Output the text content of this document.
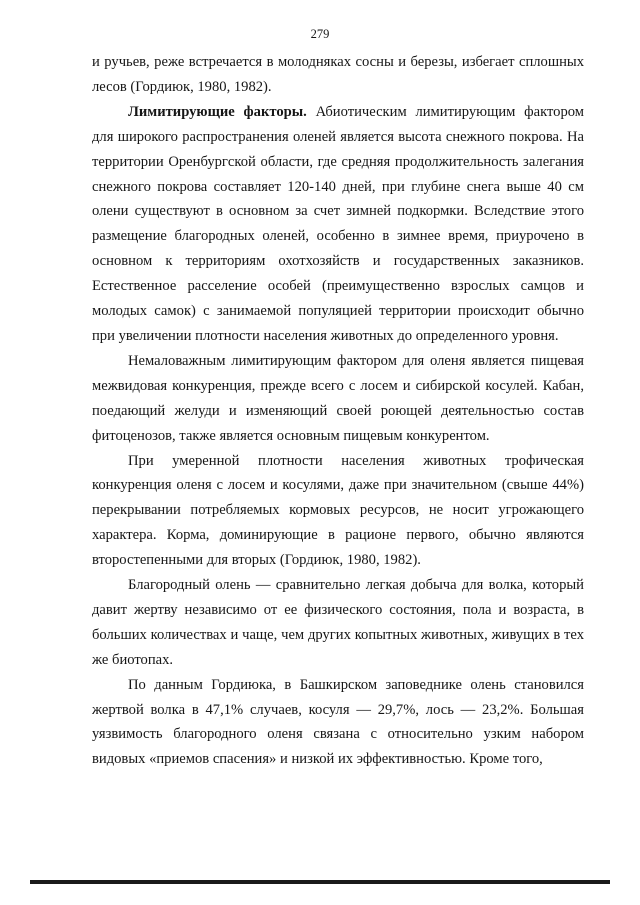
279

и ручьев, реже встречается в молодняках сосны и березы, избегает сплошных лесов (Гордиюк, 1980, 1982).

Лимитирующие факторы. Абиотическим лимитирующим фактором для широкого распространения оленей является высота снежного покрова. На территории Оренбургской области, где средняя продолжительность залегания снежного покрова составляет 120-140 дней, при глубине снега выше 40 см олени существуют в основном за счет зимней подкормки. Вследствие этого размещение благородных оленей, особенно в зимнее время, приурочено в основном к территориям охотхозяйств и государственных заказников. Естественное расселение особей (преимущественно взрослых самцов и молодых самок) с занимаемой популяцией территории происходит обычно при увеличении плотности населения животных до определенного уровня.

Немаловажным лимитирующим фактором для оленя является пищевая межвидовая конкуренция, прежде всего с лосем и сибирской косулей. Кабан, поедающий желуди и изменяющий своей роющей деятельностью состав фитоценозов, также является основным пищевым конкурентом.

При умеренной плотности населения животных трофическая конкуренция оленя с лосем и косулями, даже при значительном (свыше 44%) перекрывании потребляемых кормовых ресурсов, не носит угрожающего характера. Корма, доминирующие в рационе первого, обычно являются второстепенными для вторых (Гордиюк, 1980, 1982).

Благородный олень — сравнительно легкая добыча для волка, который давит жертву независимо от ее физического состояния, пола и возраста, в больших количествах и чаще, чем других копытных животных, живущих в тех же биотопах.

По данным Гордиюка, в Башкирском заповеднике олень становился жертвой волка в 47,1% случаев, косуля — 29,7%, лось — 23,2%. Большая уязвимость благородного оленя связана с относительно узким набором видовых «приемов спасения» и низкой их эффективностью. Кроме того,
